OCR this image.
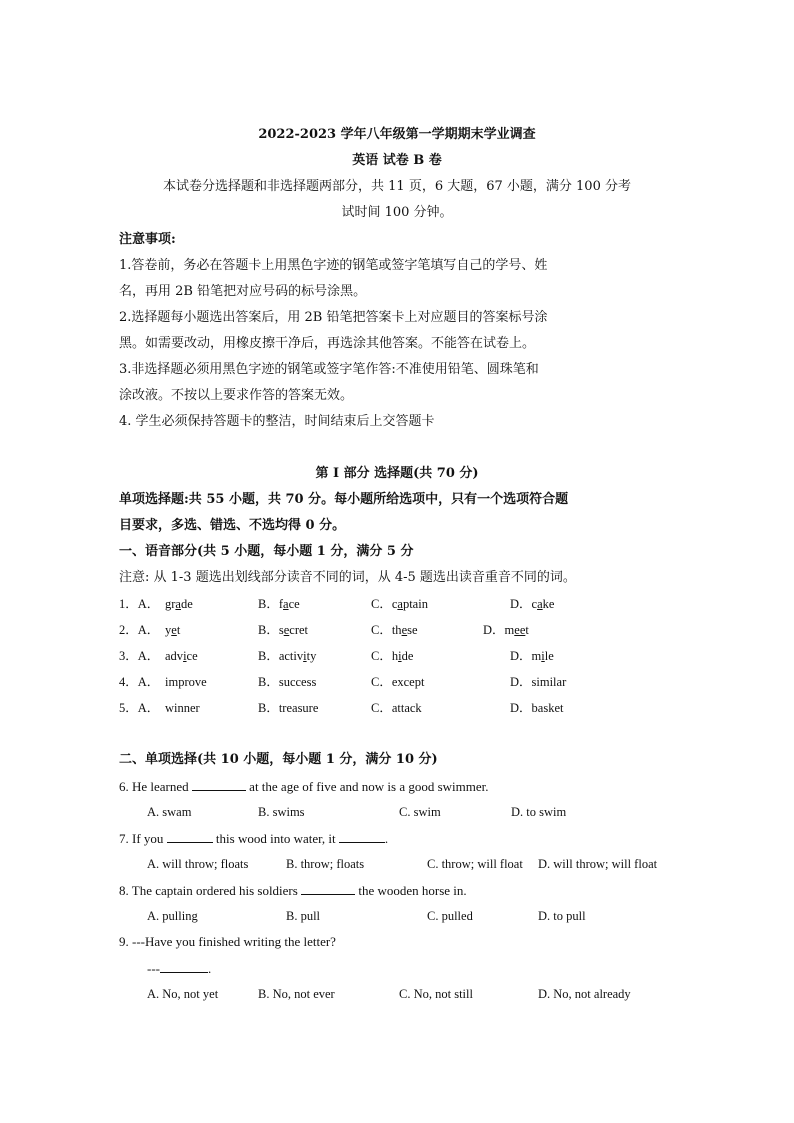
2022-2023 学年八年级第一学期期末学业调查
英语 试卷 B 卷
本试卷分选择题和非选择题两部分，共 11 页，6 大题，67 小题，满分 100 分考
试时间 100 分钟。
注意事项:
1.答卷前，务必在答题卡上用黑色字迹的钢笔或签字笔填写自己的学号、姓
名，再用 2B 铅笔把对应号码的标号涂黑。
2.选择题每小题选出答案后，用 2B 铅笔把答案卡上对应题目的答案标号涂
黑。如需要改动，用橡皮擦干净后，再选涂其他答案。不能答在试卷上。
3.非选择题必须用黑色字迹的钢笔或签字笔作答:不准使用铅笔、圆珠笔和
涂改液。不按以上要求作答的答案无效。
4. 学生必须保持答题卡的整洁，时间结束后上交答题卡
第 I 部分 选择题(共 70 分)
单项选择题:共 55 小题，共 70 分。每小题所给选项中，只有一个选项符合题
目要求，多选、错选、不选均得 0 分。
一、语音部分(共 5 小题，每小题 1 分，满分 5 分
注意: 从 1-3 题选出划线部分读音不同的词，从 4-5 题选出读音重音不同的词。
1．A． grade	B．face	C．captain	D．cake
2．A． yet	B．secret	C．these	D．meet
3．A． advice	B．activity	C．hide	D．mile
4．A． improve	B．success	C．except	D．similar
5．A． winner	B．treasure	C．attack	D．basket
二、单项选择(共 10 小题，每小题 1 分，满分 10 分)
6. He learned	at the age of five and now is a good swimmer.
A. swam	B. swims	C. swim	D. to swim
7. If you	this wood into water, it	.
A. will throw; floats	B. throw; floats	C. throw; will float D. will throw; will float
8. The captain ordered his soldiers	the wooden horse in.
A. pulling	B. pull	C. pulled	D. to pull
9. ---Have you finished writing the letter?
---	.
A. No, not yet	B. No, not ever	C. No, not still	D. No, not already
